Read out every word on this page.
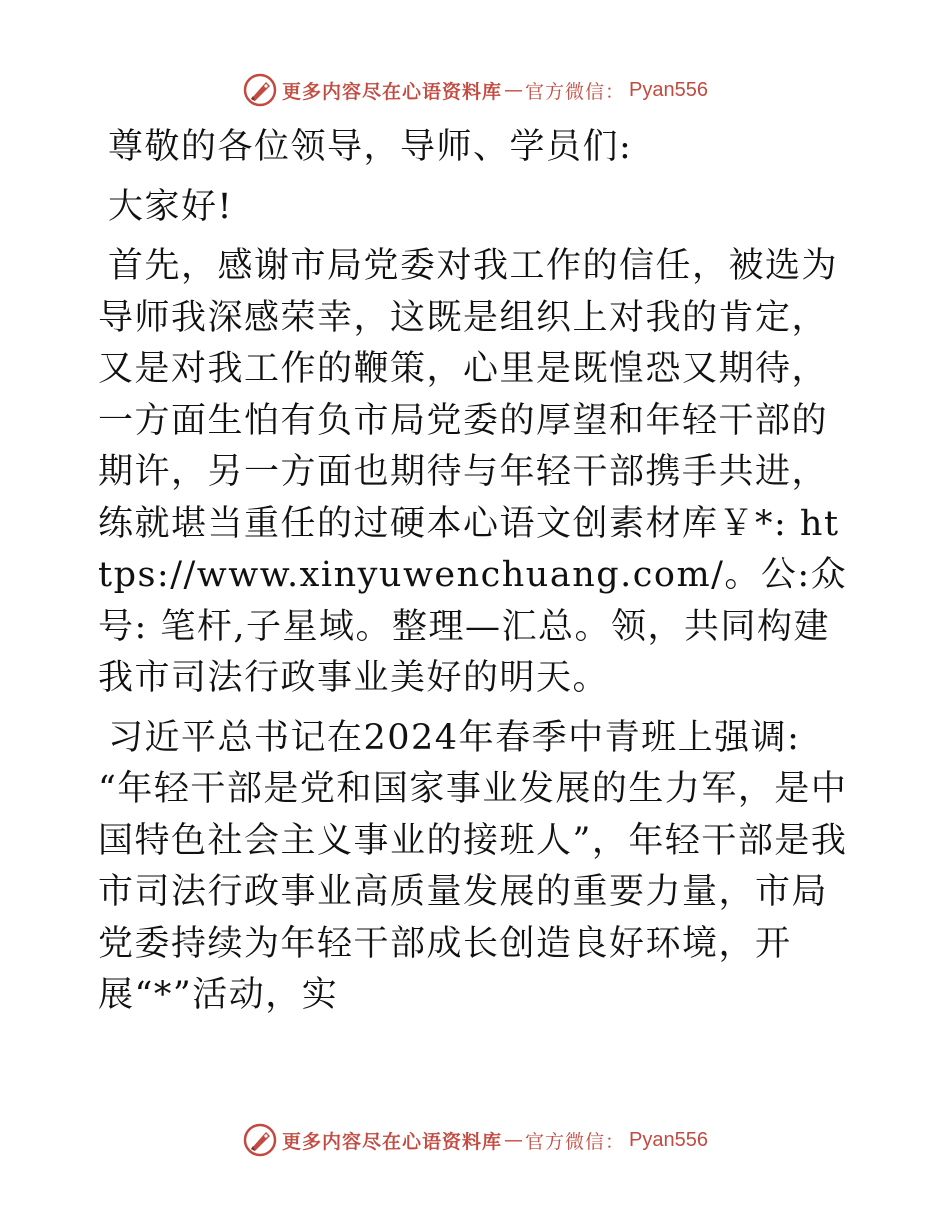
更多内容尽在心语资料库 — 官方微信： Pyan556

尊敬的各位领导，导师、学员们:

大家好!

首先，感谢市局党委对我工作的信任，被选为导师我深感荣幸，这既是组织上对我的肯定，又是对我工作的鞭策，心里是既惶恐又期待，一方面生怕有负市局党委的厚望和年轻干部的期许，另一方面也期待与年轻干部携手共进，练就堪当重任的过硬本心语文创素材库￥*: https://www.xinyuwenchuang.com/。公:众号: 笔杆,子星域。整理—汇总。领，共同构建我市司法行政事业美好的明天。

习近平总书记在2024年春季中青班上强调: “年轻干部是党和国家事业发展的生力军，是中国特色社会主义事业的接班人”，年轻干部是我市司法行政事业高质量发展的重要力量，市局党委持续为年轻干部成长创造良好环境，开展“*”活动，实

更多内容尽在心语资料库 — 官方微信： Pyan556
